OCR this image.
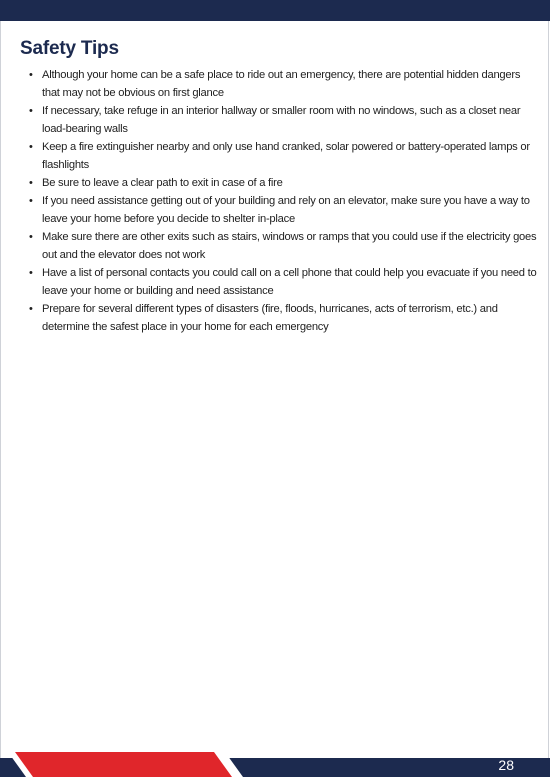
Safety Tips
• Although your home can be a safe place to ride out an emergency, there are potential hidden dangers that may not be obvious on first glance
• If necessary, take refuge in an interior hallway or smaller room with no windows, such as a closet near load-bearing walls
• Keep a fire extinguisher nearby and only use hand cranked, solar powered or battery-operated lamps or flashlights
• Be sure to leave a clear path to exit in case of a fire
• If you need assistance getting out of your building and rely on an elevator, make sure you have a way to leave your home before you decide to shelter in-place
• Make sure there are other exits such as stairs, windows or ramps that you could use if the electricity goes out and the elevator does not work
• Have a list of personal contacts you could call on a cell phone that could help you evacuate if you need to leave your home or building and need assistance
• Prepare for several different types of disasters (fire, floods, hurricanes, acts of terrorism, etc.) and determine the safest place in your home for each emergency
28
